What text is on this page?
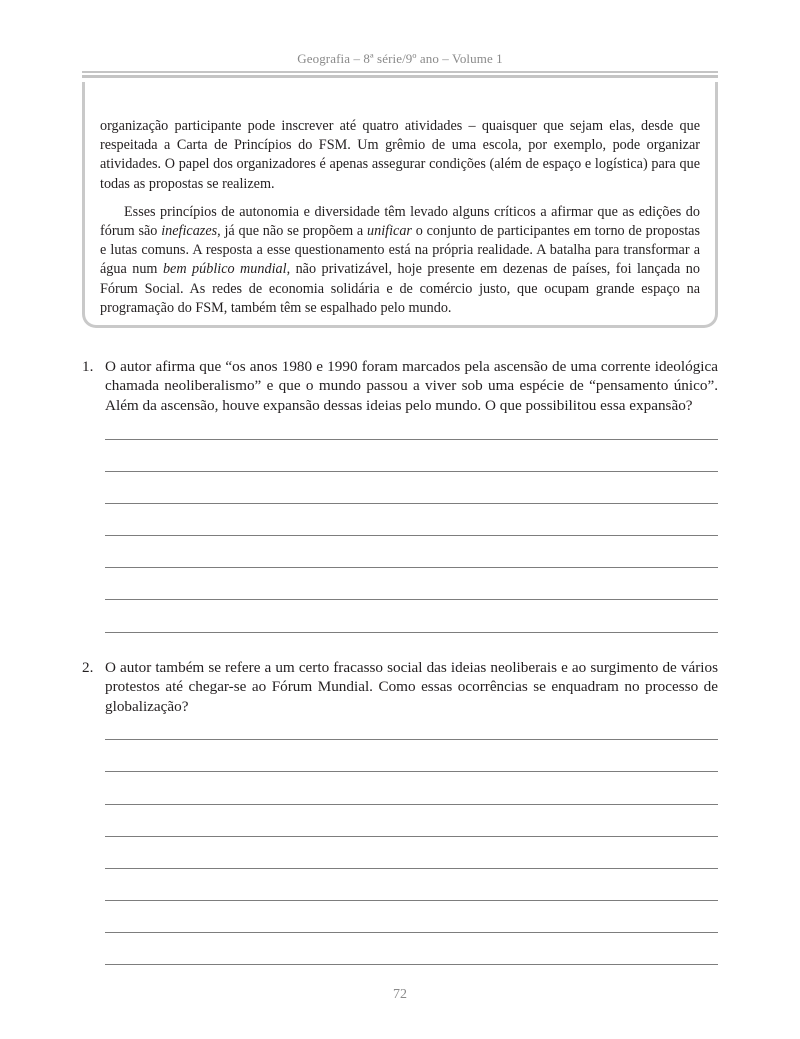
Geografia – 8ª série/9º ano – Volume 1

organização participante pode inscrever até quatro atividades – quaisquer que sejam elas, desde que respeitada a Carta de Princípios do FSM. Um grêmio de uma escola, por exemplo, pode organizar atividades. O papel dos organizadores é apenas assegurar condições (além de espaço e logística) para que todas as propostas se realizem.

Esses princípios de autonomia e diversidade têm levado alguns críticos a afirmar que as edições do fórum são ineficazes, já que não se propõem a unificar o conjunto de participantes em torno de propostas e lutas comuns. A resposta a esse questionamento está na própria realidade. A batalha para transformar a água num bem público mundial, não privatizável, hoje presente em dezenas de países, foi lançada no Fórum Social. As redes de economia solidária e de comércio justo, que ocupam grande espaço na programação do FSM, também têm se espalhado pelo mundo.

1. O autor afirma que “os anos 1980 e 1990 foram marcados pela ascensão de uma corrente ideológica chamada neoliberalismo” e que o mundo passou a viver sob uma espécie de “pensamento único”. Além da ascensão, houve expansão dessas ideias pelo mundo. O que possibilitou essa expansão?
2. O autor também se refere a um certo fracasso social das ideias neoliberais e ao surgimento de vários protestos até chegar-se ao Fórum Mundial. Como essas ocorrências se enquadram no processo de globalização?
72
